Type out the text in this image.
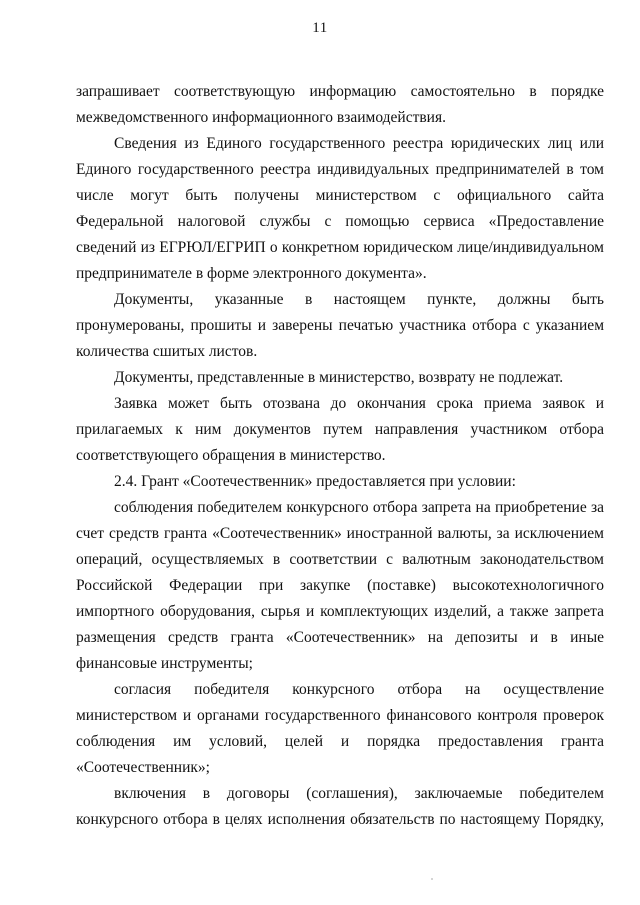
11

запрашивает соответствующую информацию самостоятельно в порядке межведомственного информационного взаимодействия.

Сведения из Единого государственного реестра юридических лиц или Единого государственного реестра индивидуальных предпринимателей в том числе могут быть получены министерством с официального сайта Федеральной налоговой службы с помощью сервиса «Предоставление сведений из ЕГРЮЛ/ЕГРИП о конкретном юридическом лице/индивидуальном предпринимателе в форме электронного документа».

Документы, указанные в настоящем пункте, должны быть пронумерованы, прошиты и заверены печатью участника отбора с указанием количества сшитых листов.

Документы, представленные в министерство, возврату не подлежат.

Заявка может быть отозвана до окончания срока приема заявок и прилагаемых к ним документов путем направления участником отбора соответствующего обращения в министерство.

2.4. Грант «Соотечественник» предоставляется при условии:

соблюдения победителем конкурсного отбора запрета на приобретение за счет средств гранта «Соотечественник» иностранной валюты, за исключением операций, осуществляемых в соответствии с валютным законодательством Российской Федерации при закупке (поставке) высокотехнологичного импортного оборудования, сырья и комплектующих изделий, а также запрета размещения средств гранта «Соотечественник» на депозиты и в иные финансовые инструменты;

согласия победителя конкурсного отбора на осуществление министерством и органами государственного финансового контроля проверок соблюдения им условий, целей и порядка предоставления гранта «Соотечественник»;

включения в договоры (соглашения), заключаемые победителем конкурсного отбора в целях исполнения обязательств по настоящему Порядку,
